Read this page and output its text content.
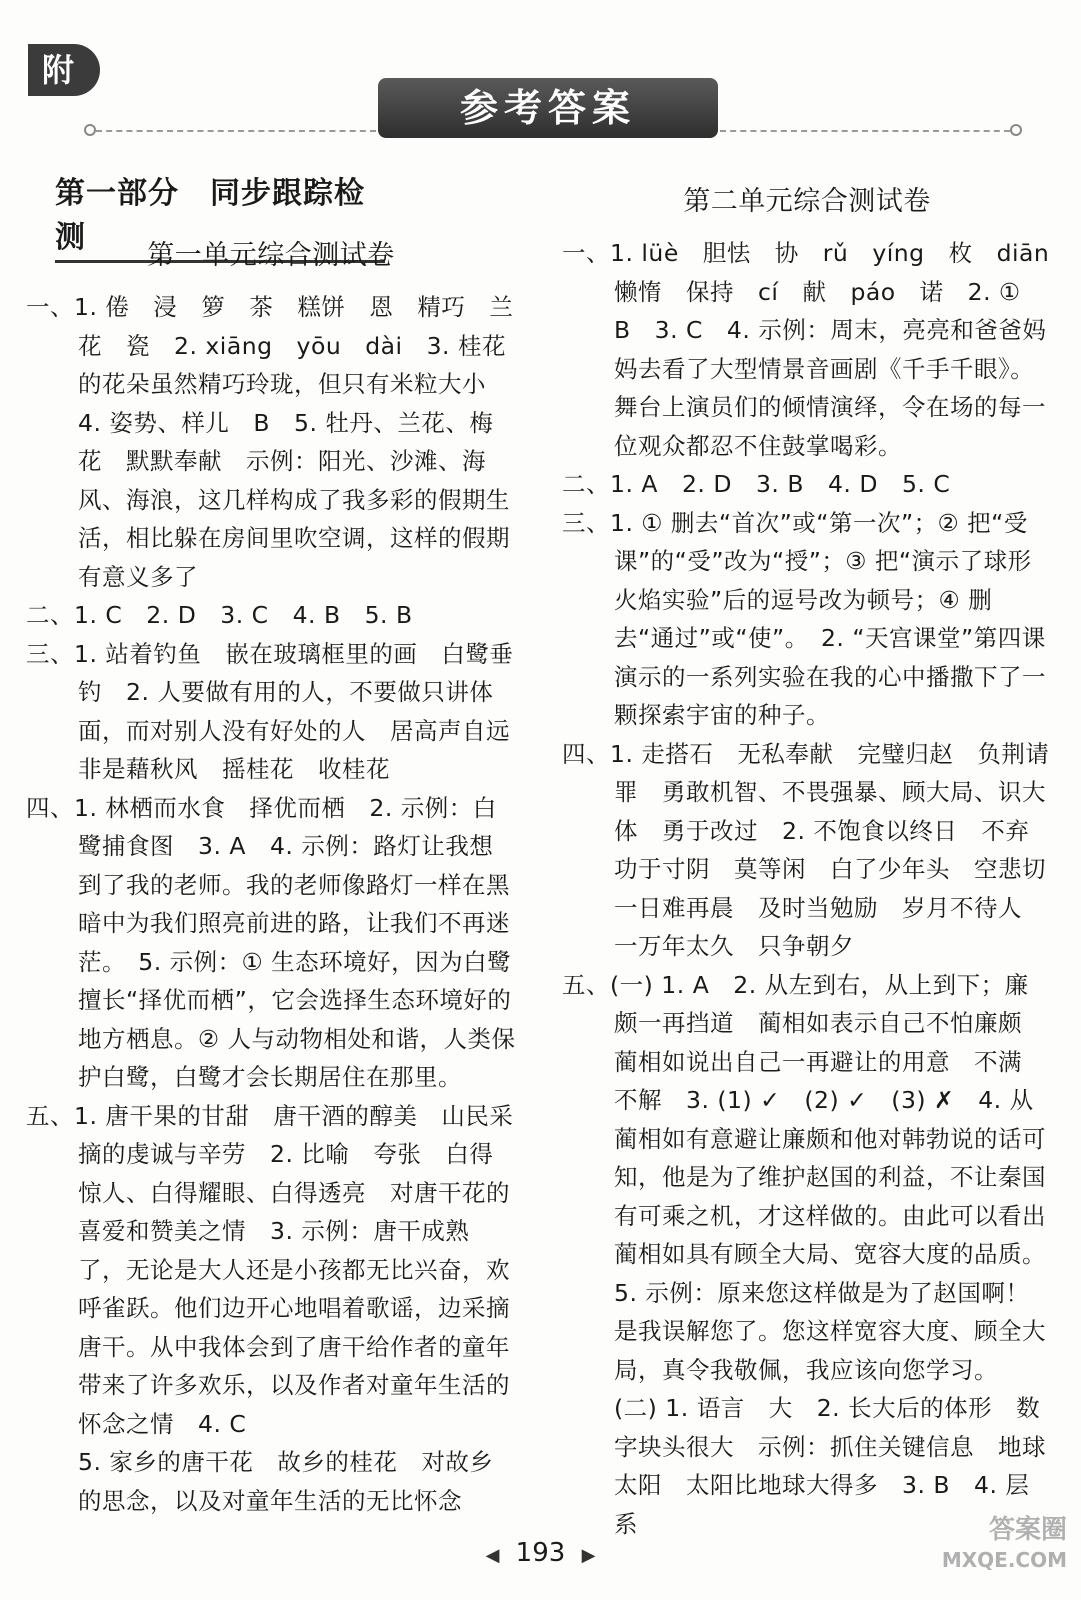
附
参考答案
第一部分　同步跟踪检测
第一单元综合测试卷

一、1. 倦　浸　箩　茶　糕饼　恩　精巧　兰花　瓷　2. xiāng　yōu　dài　3. 桂花的花朵虽然精巧玲珑，但只有米粒大小　4. 姿势、样儿　B　5. 牡丹、兰花、梅花　默默奉献　示例：阳光、沙滩、海风、海浪，这几样构成了我多彩的假期生活，相比躲在房间里吹空调，这样的假期有意义多了

二、1. C　2. D　3. C　4. B　5. B

三、1. 站着钓鱼　嵌在玻璃框里的画　白鹭垂钓　2. 人要做有用的人，不要做只讲体面，而对别人没有好处的人　居高声自远　非是藉秋风　摇桂花　收桂花

四、1. 林栖而水食　择优而栖　2. 示例：白鹭捕食图　3. A　4. 示例：路灯让我想到了我的老师。我的老师像路灯一样在黑暗中为我们照亮前进的路，让我们不再迷茫。　5. 示例：① 生态环境好，因为白鹭擅长“择优而栖”，它会选择生态环境好的地方栖息。② 人与动物相处和谐，人类保护白鹭，白鹭才会长期居住在那里。

五、1. 唐干果的甘甜　唐干酒的醇美　山民采摘的虔诚与辛劳　2. 比喻　夸张　白得惊人、白得耀眼、白得透亮　对唐干花的喜爱和赞美之情　3. 示例：唐干成熟了，无论是大人还是小孩都无比兴奋，欢呼雀跃。他们边开心地唱着歌谣，边采摘唐干。从中我体会到了唐干给作者的童年带来了许多欢乐，以及作者对童年生活的怀念之情　4. C

5. 家乡的唐干花　故乡的桂花　对故乡的思念，以及对童年生活的无比怀念

第二单元综合测试卷

一、1. lüè　胆怯　协　rǔ　yíng　枚　diān　懒惰　保持　cí　献　páo　诺　2. ①　B　3. C　4. 示例：周末，亮亮和爸爸妈妈去看了大型情景音画剧《千手千眼》。舞台上演员们的倾情演绎，令在场的每一位观众都忍不住鼓掌喝彩。

二、1. A　2. D　3. B　4. D　5. C

三、1. ① 删去“首次”或“第一次”；② 把“受课”的“受”改为“授”；③ 把“演示了球形火焰实验”后的逗号改为顿号；④ 删去“通过”或“使”。　2. “天宫课堂”第四课演示的一系列实验在我的心中播撒下了一颗探索宇宙的种子。

四、1. 走搭石　无私奉献　完璧归赵　负荆请罪　勇敢机智、不畏强暴、顾大局、识大体　勇于改过　2. 不饱食以终日　不弃功于寸阴　莫等闲　白了少年头　空悲切　一日难再晨　及时当勉励　岁月不待人　一万年太久　只争朝夕

五、(一) 1. A　2. 从左到右，从上到下；廉颇一再挡道　蔺相如表示自己不怕廉颇　蔺相如说出自己一再避让的用意　不满　不解　3. (1) ✓　(2) ✓　(3) ✗　4. 从蔺相如有意避让廉颇和他对韩勃说的话可知，他是为了维护赵国的利益，不让秦国有可乘之机，才这样做的。由此可以看出蔺相如具有顾全大局、宽容大度的品质。　5. 示例：原来您这样做是为了赵国啊！是我误解您了。您这样宽容大度、顾全大局，真令我敬佩，我应该向您学习。

(二) 1. 语言　大　2. 长大后的体形　数字块头很大　示例：抓住关键信息　地球　太阳　太阳比地球大得多　3. B　4. 层系

◀ 193 ▶
答案圈
MXQE.COM
